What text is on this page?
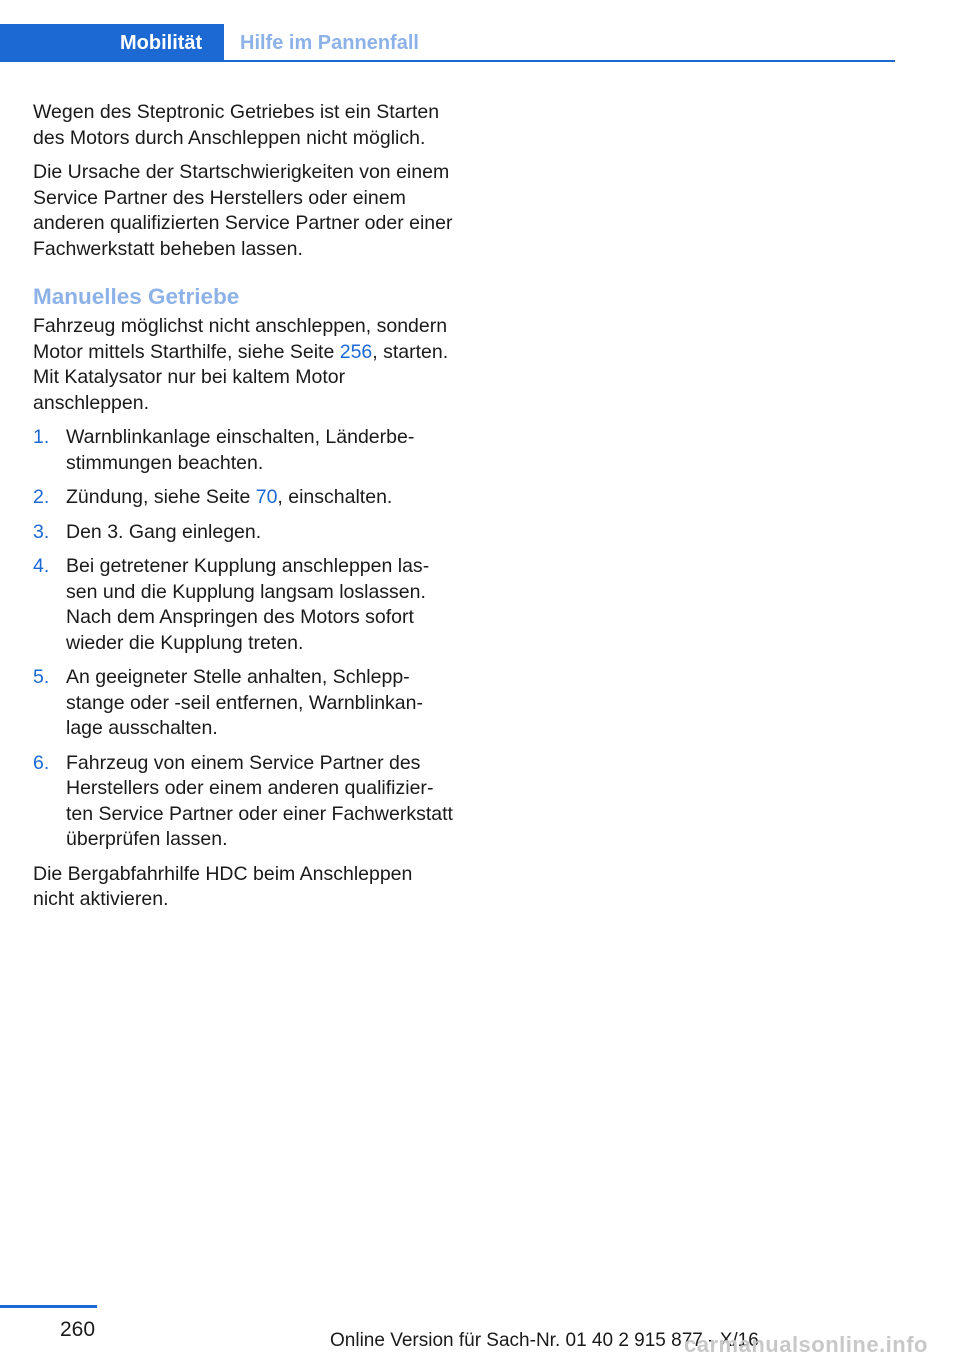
Mobilität	Hilfe im Pannenfall

Wegen des Steptronic Getriebes ist ein Starten des Motors durch Anschleppen nicht möglich.

Die Ursache der Startschwierigkeiten von einem Service Partner des Herstellers oder einem anderen qualifizierten Service Partner oder einer Fachwerkstatt beheben lassen.

Manuelles Getriebe

Fahrzeug möglichst nicht anschleppen, sondern Motor mittels Starthilfe, siehe Seite 256, starten. Mit Katalysator nur bei kaltem Motor anschleppen.

1. Warnblinkanlage einschalten, Länderbestimmungen beachten.
2. Zündung, siehe Seite 70, einschalten.
3. Den 3. Gang einlegen.
4. Bei getretener Kupplung anschleppen lassen und die Kupplung langsam loslassen. Nach dem Anspringen des Motors sofort wieder die Kupplung treten.
5. An geeigneter Stelle anhalten, Schleppstange oder -seil entfernen, Warnblinkanlage ausschalten.
6. Fahrzeug von einem Service Partner des Herstellers oder einem anderen qualifizierten Service Partner oder einer Fachwerkstatt überprüfen lassen.

Die Bergabfahrhilfe HDC beim Anschleppen nicht aktivieren.

260	Online Version für Sach-Nr. 01 40 2 915 877 - X/16
carmanualsonline.info
